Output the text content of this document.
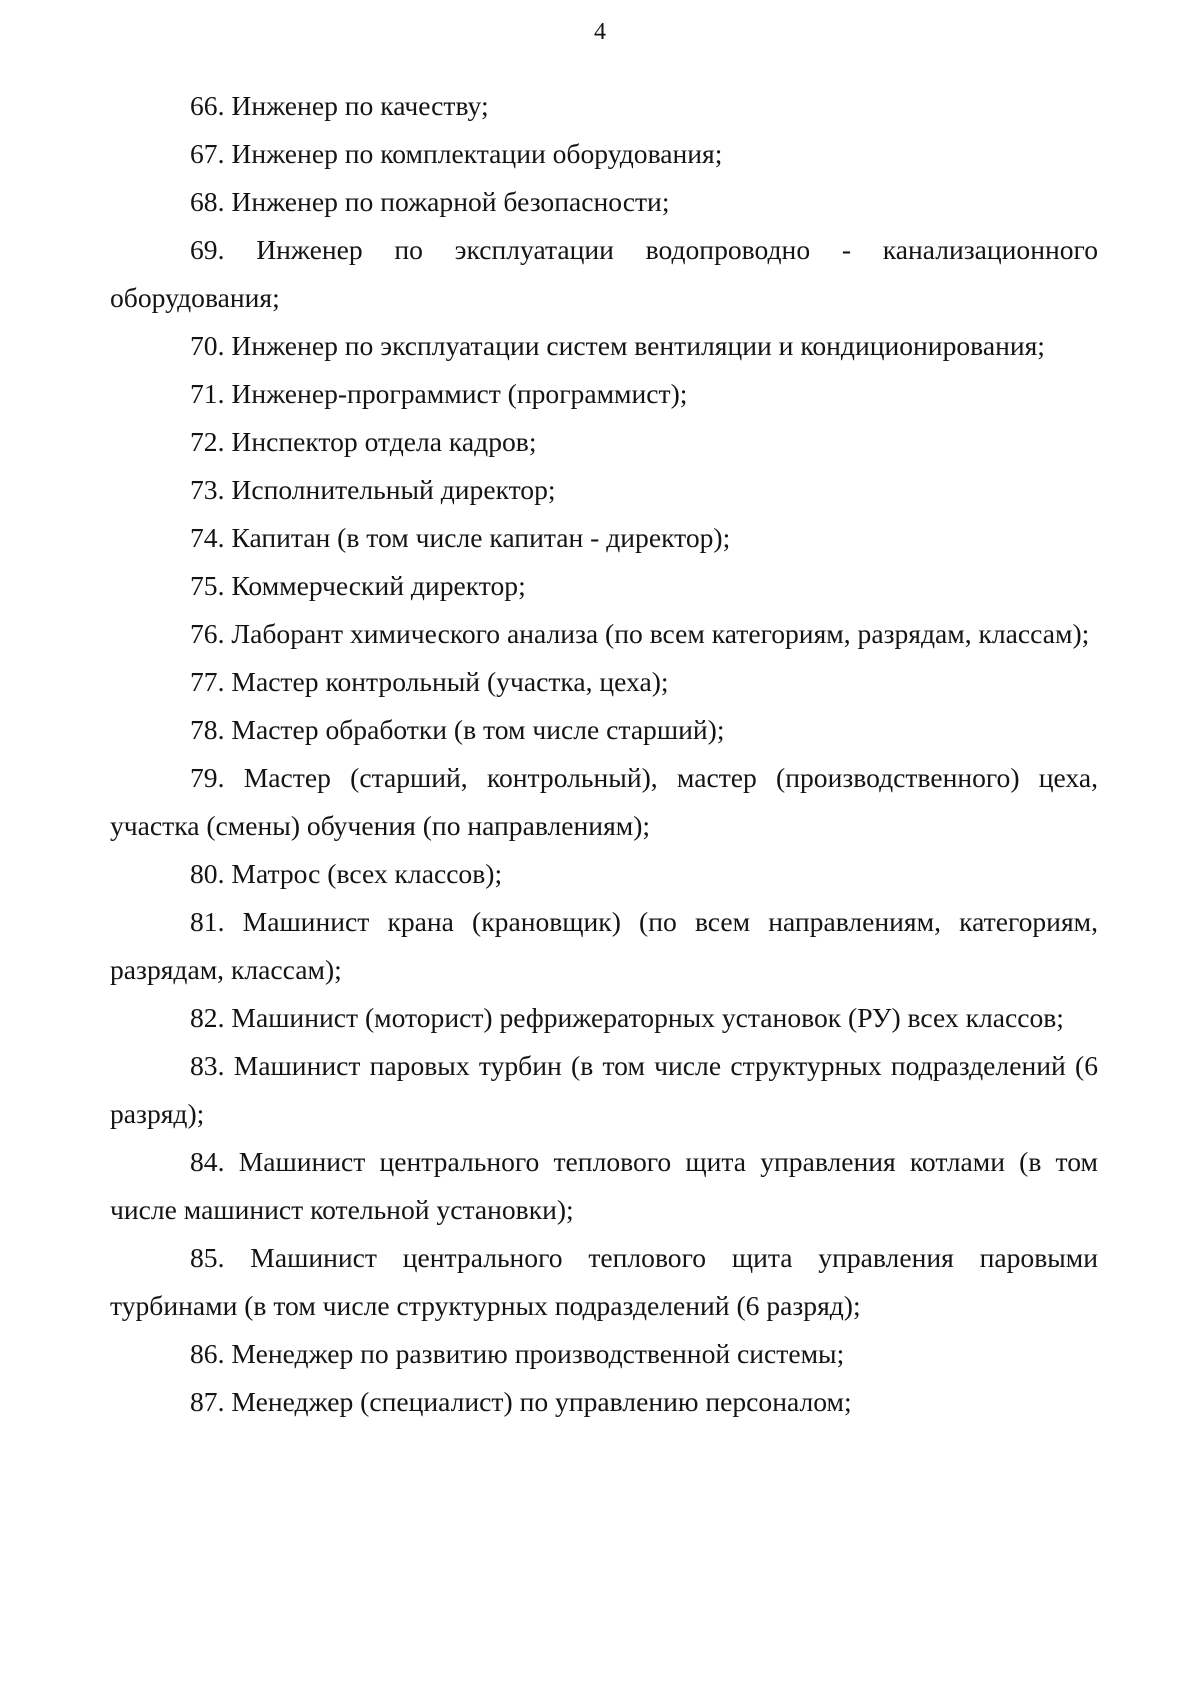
4

66. Инженер по качеству;

67. Инженер по комплектации оборудования;

68. Инженер по пожарной безопасности;

69. Инженер по эксплуатации водопроводно - канализационного оборудования;

70. Инженер по эксплуатации систем вентиляции и кондиционирования;

71. Инженер-программист (программист);

72. Инспектор отдела кадров;

73. Исполнительный директор;

74. Капитан (в том числе капитан - директор);

75. Коммерческий директор;

76. Лаборант химического анализа (по всем категориям, разрядам, классам);

77. Мастер контрольный (участка, цеха);

78. Мастер обработки (в том числе старший);

79. Мастер (старший, контрольный), мастер (производственного) цеха, участка (смены) обучения (по направлениям);

80. Матрос (всех классов);

81. Машинист крана (крановщик) (по всем направлениям, категориям, разрядам, классам);

82. Машинист (моторист) рефрижераторных установок (РУ) всех классов;

83. Машинист паровых турбин (в том числе структурных подразделений (6 разряд);

84. Машинист центрального теплового щита управления котлами (в том числе машинист котельной установки);

85. Машинист центрального теплового щита управления паровыми турбинами (в том числе структурных подразделений (6 разряд);

86. Менеджер по развитию производственной системы;

87. Менеджер (специалист) по управлению персоналом;
